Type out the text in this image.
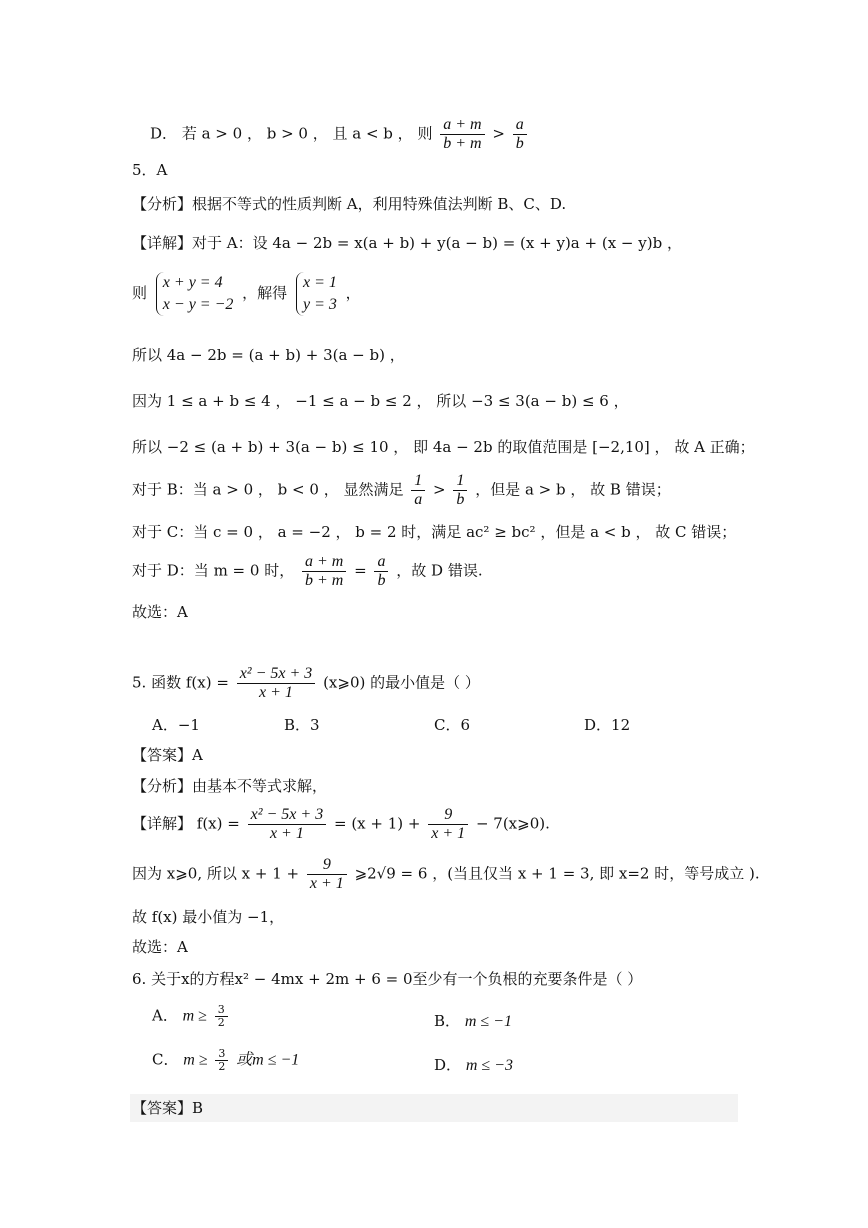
D． 若 a > 0 ， b > 0 ， 且 a < b ， 则 $\frac{a + m}{b + m} > \frac{a}{b}$
5．A
【分析】根据不等式的性质判断 A，利用特殊值法判断 B、C、D.
【详解】对于 A：设 4a − 2b = x(a + b) + y(a − b) = (x + y)a + (x − y)b ，
则
x + y = 4
x − y = −2
，解得
x = 1
y = 3
，
所以 4a − 2b = (a + b) + 3(a − b) ，
因为 1 ≤ a + b ≤ 4 ， −1 ≤ a − b ≤ 2 ， 所以 −3 ≤ 3(a − b) ≤ 6 ，
所以 −2 ≤ (a + b) + 3(a − b) ≤ 10 ， 即 4a − 2b 的取值范围是 [−2,10] ， 故 A 正确；
对于 B：当 a > 0 ， b < 0 ， 显然满足 $\frac{1}{a} > \frac{1}{b}$ ，但是 a > b ， 故 B 错误；
对于 C：当 c = 0 ， a = −2 ， b = 2 时，满足 ac² ≥ bc² ，但是 a < b ， 故 C 错误；
对于 D：当 m = 0 时， $\frac{a + m}{b + m} = \frac{a}{b}$ ，故 D 错误.
故选：A
5. 函数 $f(x) = \frac{\text{x² − 5x + 3}}{x + 1}$ (x⩾0) 的最小值是（ ）
A．−1	B．3	C．6	D．12
【答案】A
【分析】由基本不等式求解，
【详解】 $f(x) = \frac{\text{x² − 5x + 3}}{x + 1} = (x + 1) + \frac{9}{x + 1}$ − 7(x⩾0).
因为 x⩾0, 所以 $x + 1 + \frac{9}{x + 1}$ ⩾2√9 = 6 ，(当且仅当 x + 1 = 3, 即 x=2 时，等号成立 ).
故 f(x) 最小值为 −1，
故选：A
6. 关于x的方程x² − 4mx + 2m + 6 = 0至少有一个负根的充要条件是（ ）
A． $m \ge \frac{3}{2}$	B． m ≤ −1
C． $m \ge \frac{3}{2}$ 或m ≤ −1	D． m ≤ −3
【答案】B
